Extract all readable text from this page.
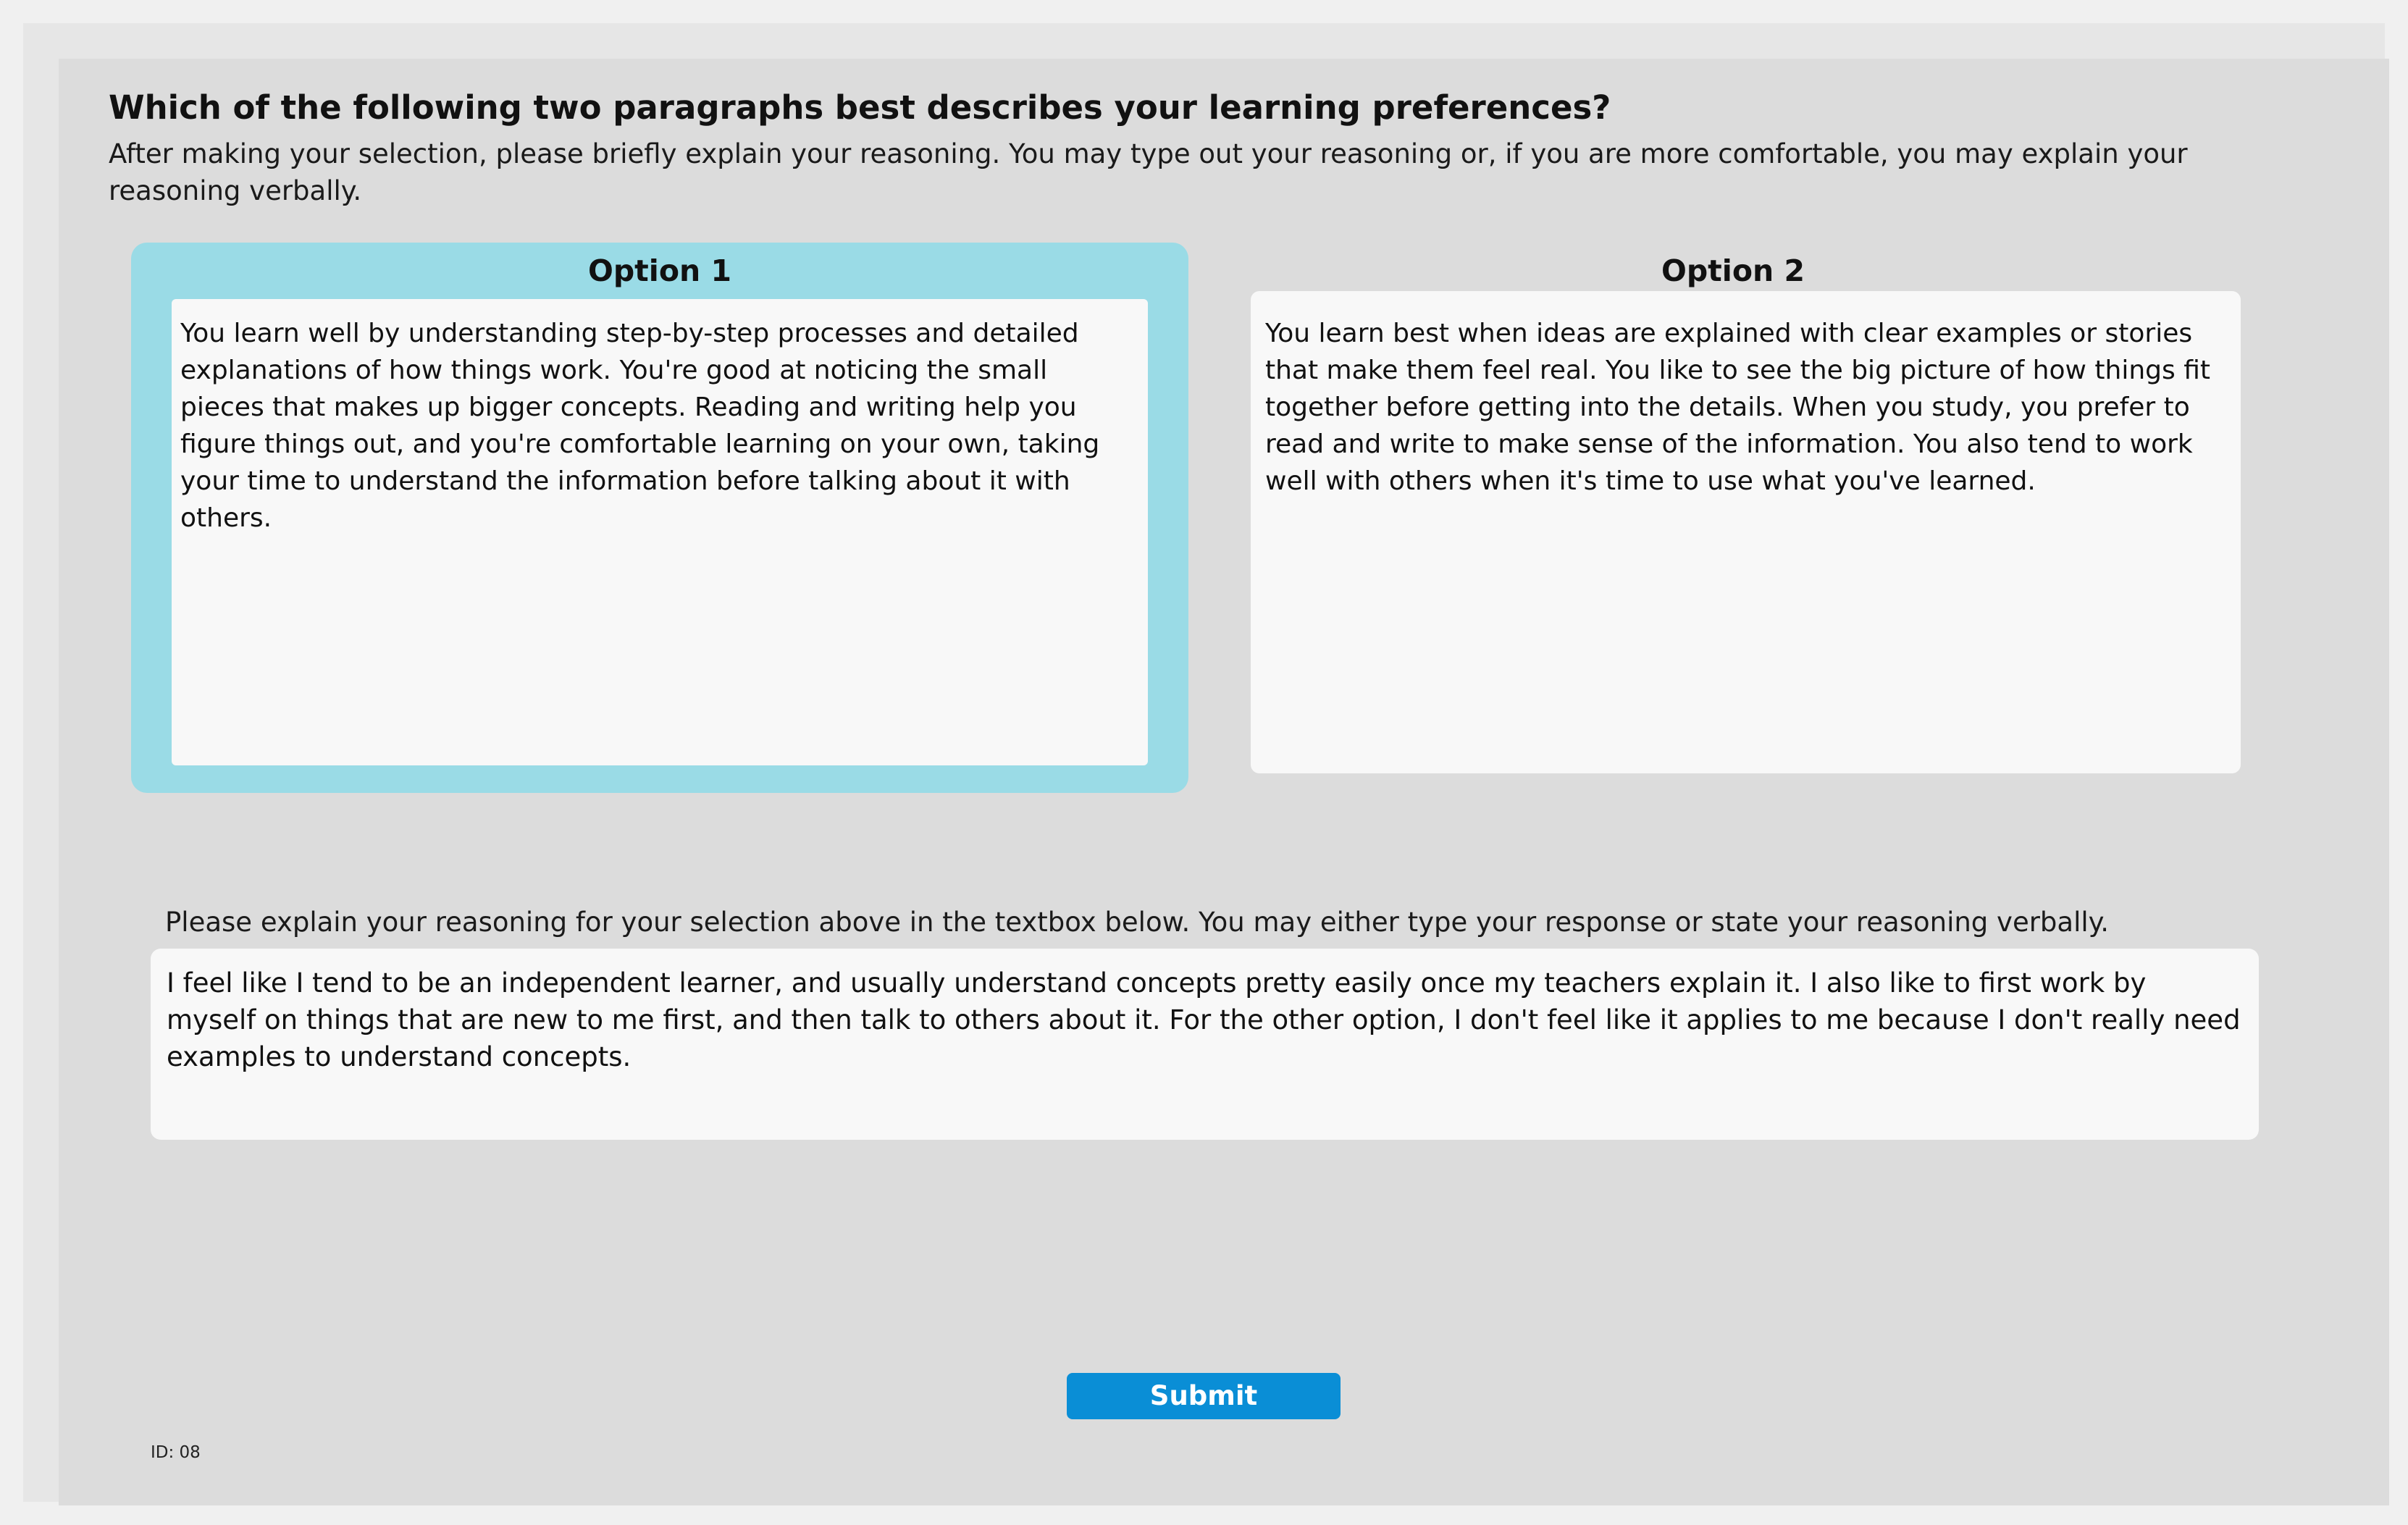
Which of the following two paragraphs best describes your learning preferences?

After making your selection, please briefly explain your reasoning. You may type out your reasoning or, if you are more comfortable, you may explain your reasoning verbally.

Option 1
You learn well by understanding step-by-step processes and detailed explanations of how things work. You're good at noticing the small pieces that makes up bigger concepts. Reading and writing help you figure things out, and you're comfortable learning on your own, taking your time to understand the information before talking about it with others.
Option 2
You learn best when ideas are explained with clear examples or stories that make them feel real. You like to see the big picture of how things fit together before getting into the details. When you study, you prefer to read and write to make sense of the information. You also tend to work well with others when it's time to use what you've learned.

Please explain your reasoning for your selection above in the textbox below. You may either type your response or state your reasoning verbally.

I feel like I tend to be an independent learner, and usually understand concepts pretty easily once my teachers explain it. I also like to first work by myself on things that are new to me first, and then talk to others about it. For the other option, I don't feel like it applies to me because I don't really need examples to understand concepts.
Submit
ID: 08
